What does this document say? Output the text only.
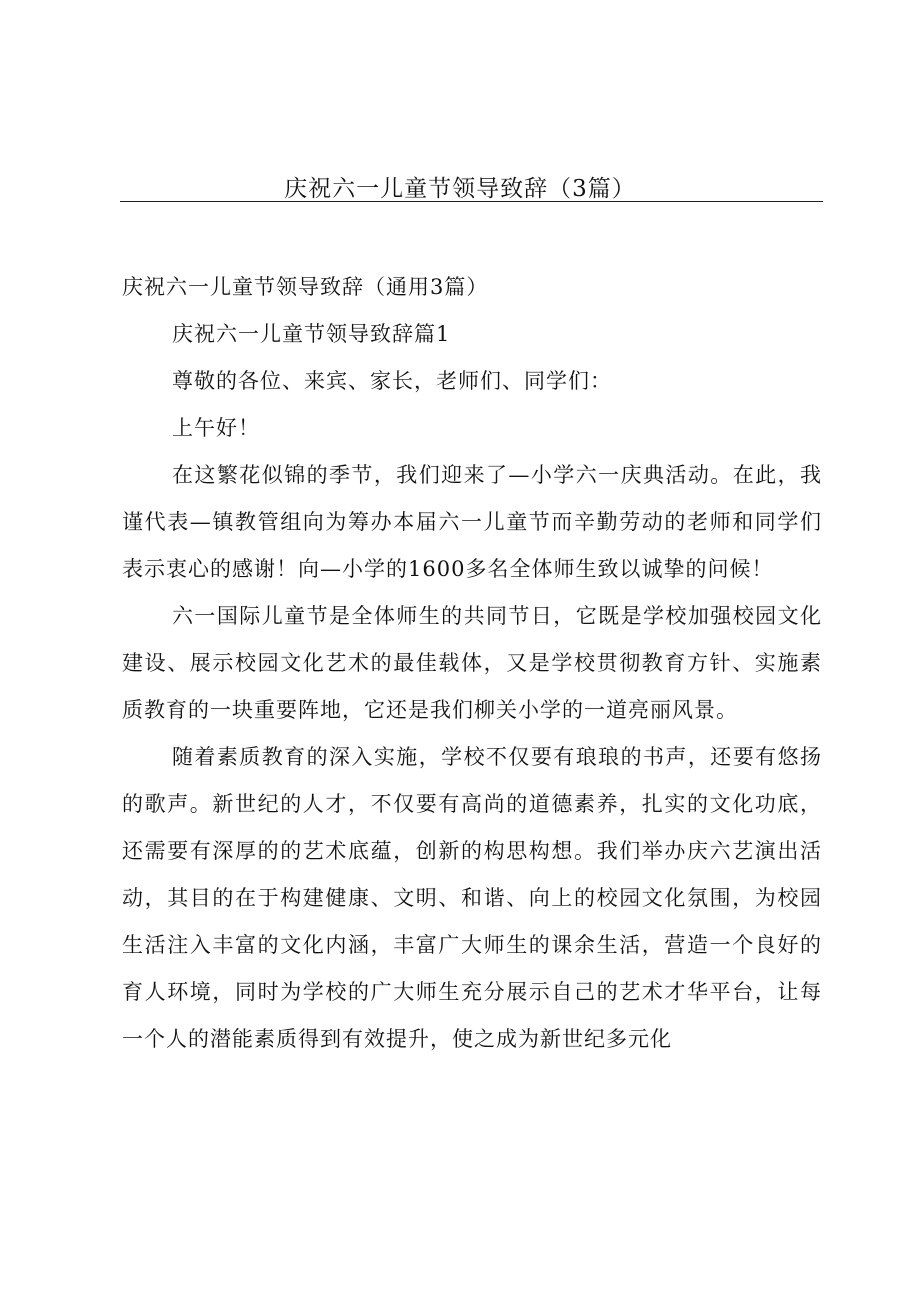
庆祝六一儿童节领导致辞（3篇）

庆祝六一儿童节领导致辞（通用3篇）

庆祝六一儿童节领导致辞篇1

尊敬的各位、来宾、家长，老师们、同学们：

上午好！

在这繁花似锦的季节，我们迎来了—小学六一庆典活动。在此，我谨代表—镇教管组向为筹办本届六一儿童节而辛勤劳动的老师和同学们表示衷心的感谢！向—小学的1600多名全体师生致以诚挚的问候！

六一国际儿童节是全体师生的共同节日，它既是学校加强校园文化建设、展示校园文化艺术的最佳载体，又是学校贯彻教育方针、实施素质教育的一块重要阵地，它还是我们柳关小学的一道亮丽风景。

随着素质教育的深入实施，学校不仅要有琅琅的书声，还要有悠扬的歌声。新世纪的人才，不仅要有高尚的道德素养，扎实的文化功底，还需要有深厚的的艺术底蕴，创新的构思构想。我们举办庆六艺演出活动，其目的在于构建健康、文明、和谐、向上的校园文化氛围，为校园生活注入丰富的文化内涵，丰富广大师生的课余生活，营造一个良好的育人环境，同时为学校的广大师生充分展示自己的艺术才华平台，让每一个人的潜能素质得到有效提升，使之成为新世纪多元化
